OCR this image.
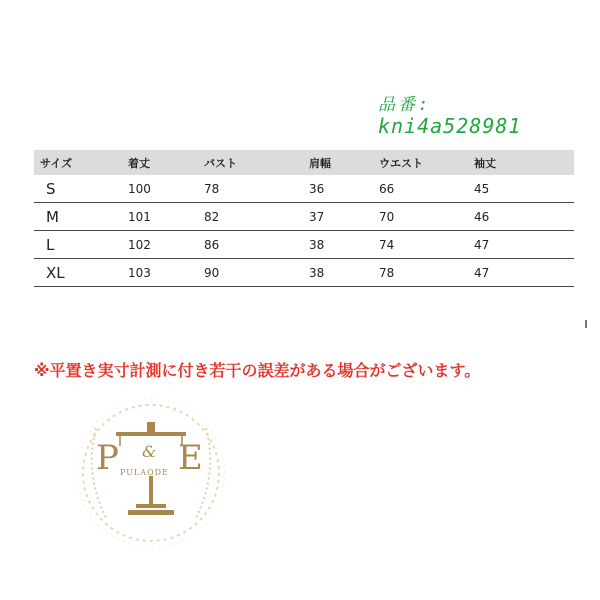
品番:
kni4a528981
サイズ	着丈	バスト	肩幅	ウエスト	袖丈
S	100	78	36	66	45
M	101	82	37	70	46
L	102	86	38	74	47
XL	103	90	38	78	47
※平置き実寸計測に付き若干の誤差がある場合がございます。
P & E
PULAODE
